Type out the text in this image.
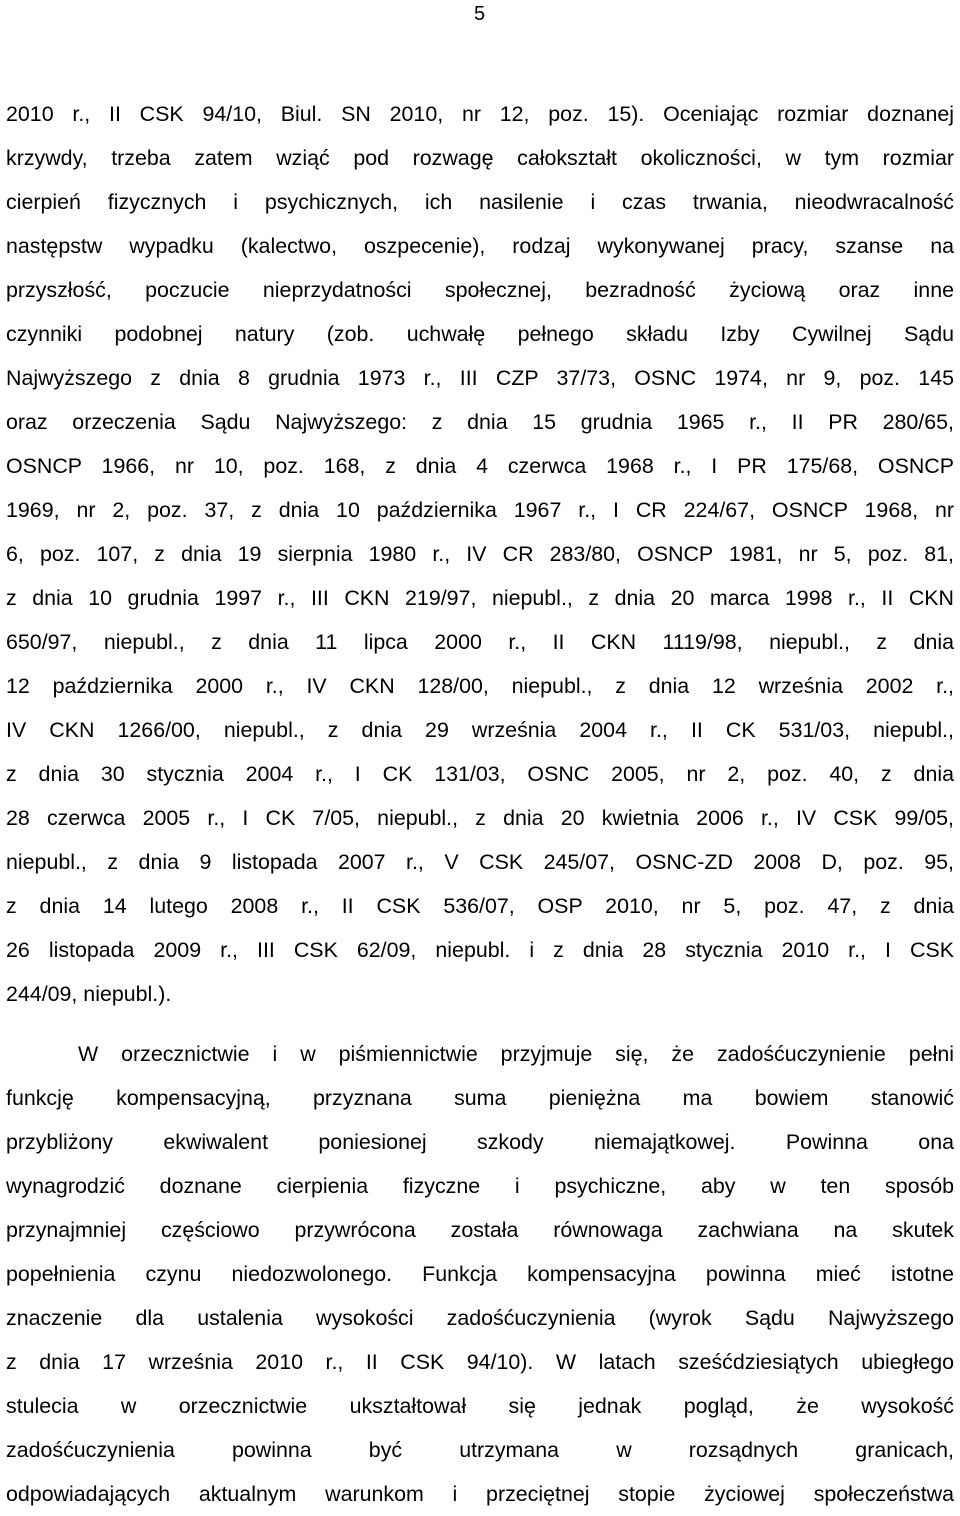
5
2010 r., II CSK 94/10, Biul. SN 2010, nr 12, poz. 15). Oceniając rozmiar doznanej
krzywdy, trzeba zatem wziąć pod rozwagę całokształt okoliczności, w tym rozmiar
cierpień fizycznych i psychicznych, ich nasilenie i czas trwania, nieodwracalność
następstw wypadku (kalectwo, oszpecenie), rodzaj wykonywanej pracy, szanse na
przyszłość, poczucie nieprzydatności społecznej, bezradność życiową oraz inne
czynniki podobnej natury (zob. uchwałę pełnego składu Izby Cywilnej Sądu
Najwyższego z dnia 8 grudnia 1973 r., III CZP 37/73, OSNC 1974, nr 9, poz. 145
oraz orzeczenia Sądu Najwyższego: z dnia 15 grudnia 1965 r., II PR 280/65,
OSNCP 1966, nr 10, poz. 168, z dnia 4 czerwca 1968 r., I PR 175/68, OSNCP
1969, nr 2, poz. 37, z dnia 10 października 1967 r., I CR 224/67, OSNCP 1968, nr
6, poz. 107, z dnia 19 sierpnia 1980 r., IV CR 283/80, OSNCP 1981, nr 5, poz. 81,
z dnia 10 grudnia 1997 r., III CKN 219/97, niepubl., z dnia 20 marca 1998 r., II CKN
650/97, niepubl., z dnia 11 lipca 2000 r., II CKN 1119/98, niepubl., z dnia
12 października 2000 r., IV CKN 128/00, niepubl., z dnia 12 września 2002 r.,
IV CKN 1266/00, niepubl., z dnia 29 września 2004 r., II CK 531/03, niepubl.,
z dnia 30 stycznia 2004 r., I CK 131/03, OSNC 2005, nr 2, poz. 40, z dnia
28 czerwca 2005 r., I CK 7/05, niepubl., z dnia 20 kwietnia 2006 r., IV CSK 99/05,
niepubl., z dnia 9 listopada 2007 r., V CSK 245/07, OSNC-ZD 2008 D, poz. 95,
z dnia 14 lutego 2008 r., II CSK 536/07, OSP 2010, nr 5, poz. 47, z dnia
26 listopada 2009 r., III CSK 62/09, niepubl. i z dnia 28 stycznia 2010 r., I CSK
244/09, niepubl.).
W orzecznictwie i w piśmiennictwie przyjmuje się, że zadośćuczynienie pełni
funkcję kompensacyjną, przyznana suma pieniężna ma bowiem stanowić
przybliżony ekwiwalent poniesionej szkody niemajątkowej. Powinna ona
wynagrodzić doznane cierpienia fizyczne i psychiczne, aby w ten sposób
przynajmniej częściowo przywrócona została równowaga zachwiana na skutek
popełnienia czynu niedozwolonego. Funkcja kompensacyjna powinna mieć istotne
znaczenie dla ustalenia wysokości zadośćuczynienia (wyrok Sądu Najwyższego
z dnia 17 września 2010 r., II CSK 94/10). W latach sześćdziesiątych ubiegłego
stulecia w orzecznictwie ukształtował się jednak pogląd, że wysokość
zadośćuczynienia powinna być utrzymana w rozsądnych granicach,
odpowiadających aktualnym warunkom i przeciętnej stopie życiowej społeczeństwa
